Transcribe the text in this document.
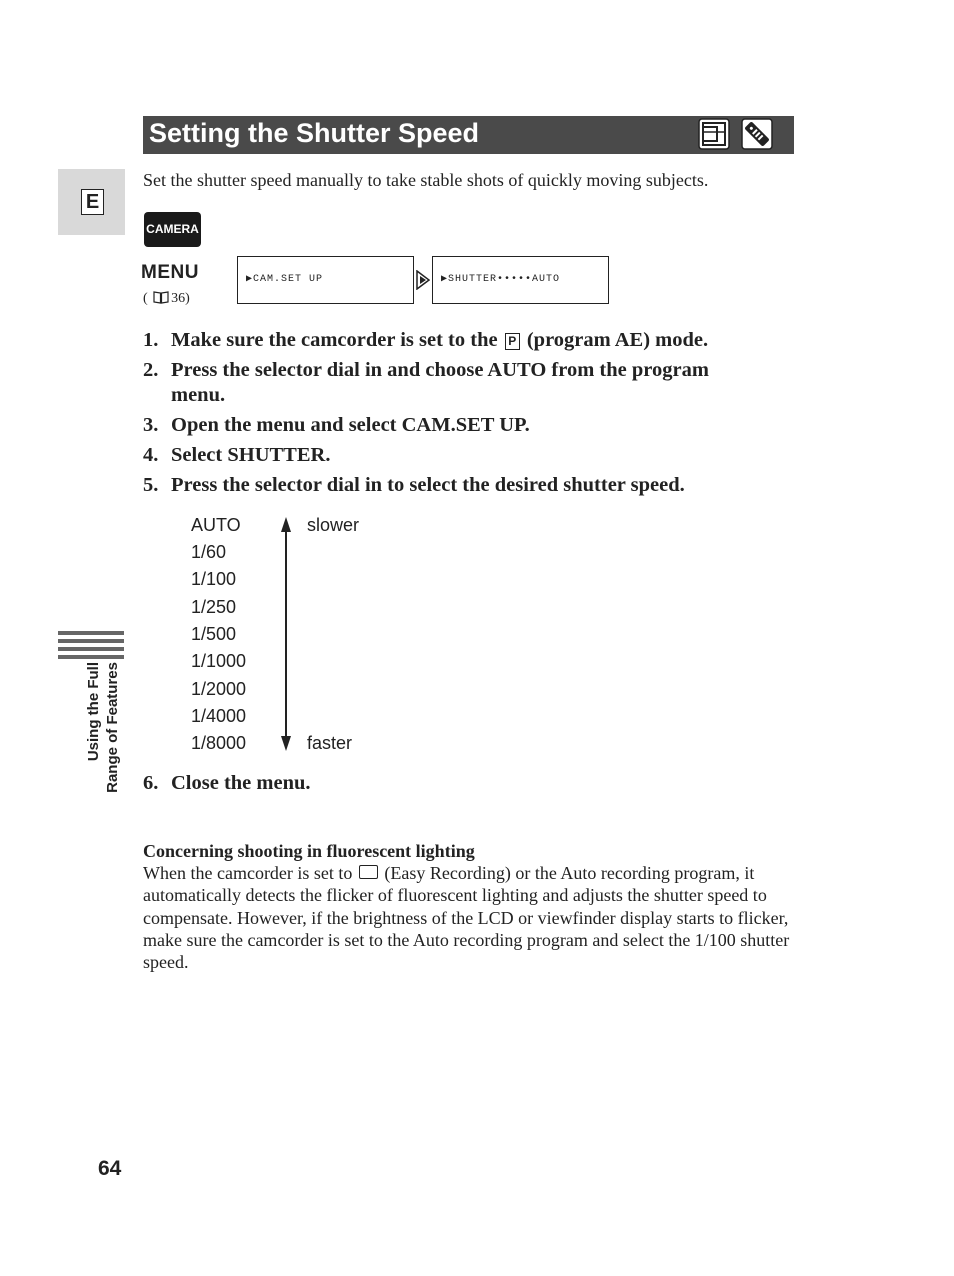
Setting the Shutter Speed
E
Set the shutter speed manually to take stable shots of quickly moving subjects.
CAMERA
MENU
( 36)
▶CAM.SET UP	▶SHUTTER•••••AUTO
1. Make sure the camcorder is set to the P (program AE) mode.
2. Press the selector dial in and choose AUTO from the program menu.
3. Open the menu and select CAM.SET UP.
4. Select SHUTTER.
5. Press the selector dial in to select the desired shutter speed.
AUTO
1/60
1/100
1/250
1/500
1/1000
1/2000
1/4000
1/8000
slower
faster
6. Close the menu.
Concerning shooting in fluorescent lighting
When the camcorder is set to (Easy Recording) or the Auto recording program, it automatically detects the flicker of fluorescent lighting and adjusts the shutter speed to compensate. However, if the brightness of the LCD or viewfinder display starts to flicker, make sure the camcorder is set to the Auto recording program and select the 1/100 shutter speed.
Using the Full Range of Features
64
